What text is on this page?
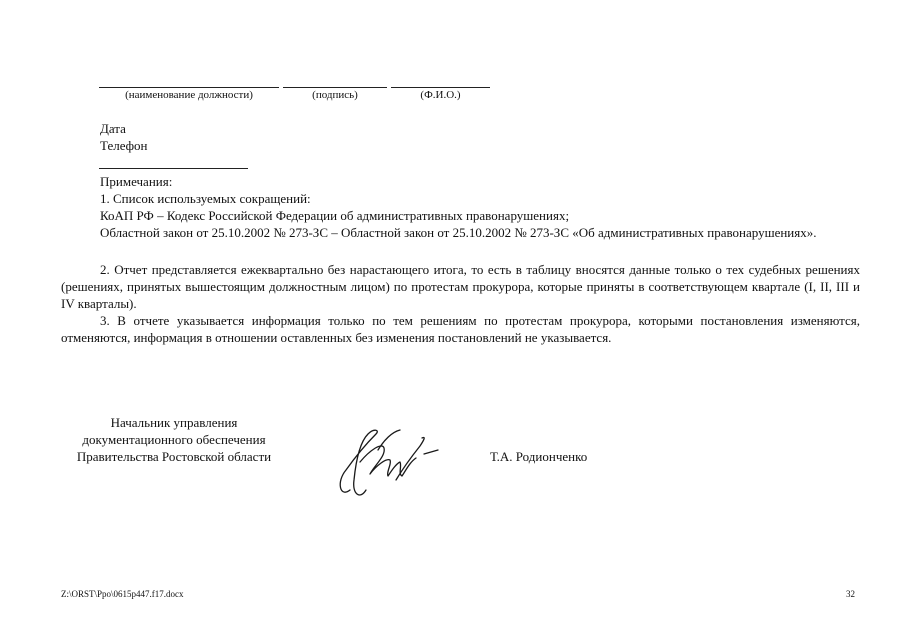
(наименование должности)	(подпись)	(Ф.И.О.)
Дата
Телефон
Примечания:
1. Список используемых сокращений:
КоАП РФ – Кодекс Российской Федерации об административных правонарушениях;
Областной закон от 25.10.2002 № 273-ЗС – Областной закон от 25.10.2002 № 273-ЗС «Об административных правонарушениях».
2. Отчет представляется ежеквартально без нарастающего итога, то есть в таблицу вносятся данные только о тех судебных решениях (решениях, принятых вышестоящим должностным лицом) по протестам прокурора, которые приняты в соответствующем квартале (I, II, III и IV кварталы).
3. В отчете указывается информация только по тем решениям по протестам прокурора, которыми постановления изменяются, отменяются, информация в отношении оставленных без изменения постановлений не указывается.
Начальник управления
документационного обеспечения
Правительства Ростовской области	Т.А. Родионченко
Z:\ORST\Ppo\0615p447.f17.docx	32
